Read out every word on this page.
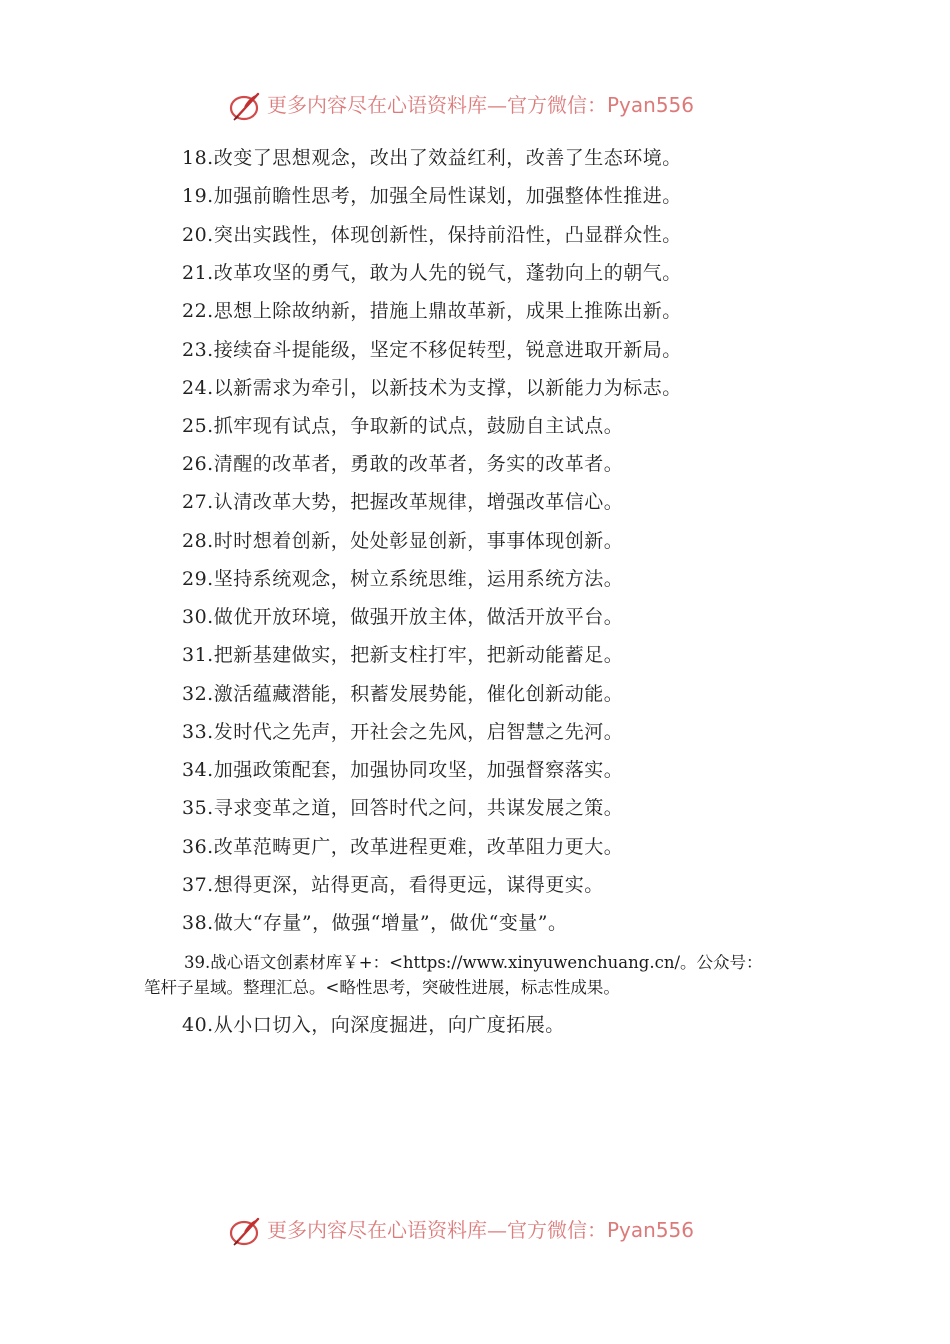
更多内容尽在心语资料库—官方微信：Pyan556
18.改变了思想观念，改出了效益红利，改善了生态环境。
19.加强前瞻性思考，加强全局性谋划，加强整体性推进。
20.突出实践性，体现创新性，保持前沿性，凸显群众性。
21.改革攻坚的勇气，敢为人先的锐气，蓬勃向上的朝气。
22.思想上除故纳新，措施上鼎故革新，成果上推陈出新。
23.接续奋斗提能级，坚定不移促转型，锐意进取开新局。
24.以新需求为牵引，以新技术为支撑，以新能力为标志。
25.抓牢现有试点，争取新的试点，鼓励自主试点。
26.清醒的改革者，勇敢的改革者，务实的改革者。
27.认清改革大势，把握改革规律，增强改革信心。
28.时时想着创新，处处彰显创新，事事体现创新。
29.坚持系统观念，树立系统思维，运用系统方法。
30.做优开放环境，做强开放主体，做活开放平台。
31.把新基建做实，把新支柱打牢，把新动能蓄足。
32.激活蕴藏潜能，积蓄发展势能，催化创新动能。
33.发时代之先声，开社会之先风，启智慧之先河。
34.加强政策配套，加强协同攻坚，加强督察落实。
35.寻求变革之道，回答时代之问，共谋发展之策。
36.改革范畴更广，改革进程更难，改革阻力更大。
37.想得更深，站得更高，看得更远，谋得更实。
38.做大“存量”，做强“增量”，做优“变量”。
39.战心语文创素材库￥+：<https://www.xinyuwenchuang.cn/。公众号：
笔杆子星域。整理汇总。<略性思考，突破性进展，标志性成果。
40.从小口切入，向深度掘进，向广度拓展。
更多内容尽在心语资料库—官方微信：Pyan556
